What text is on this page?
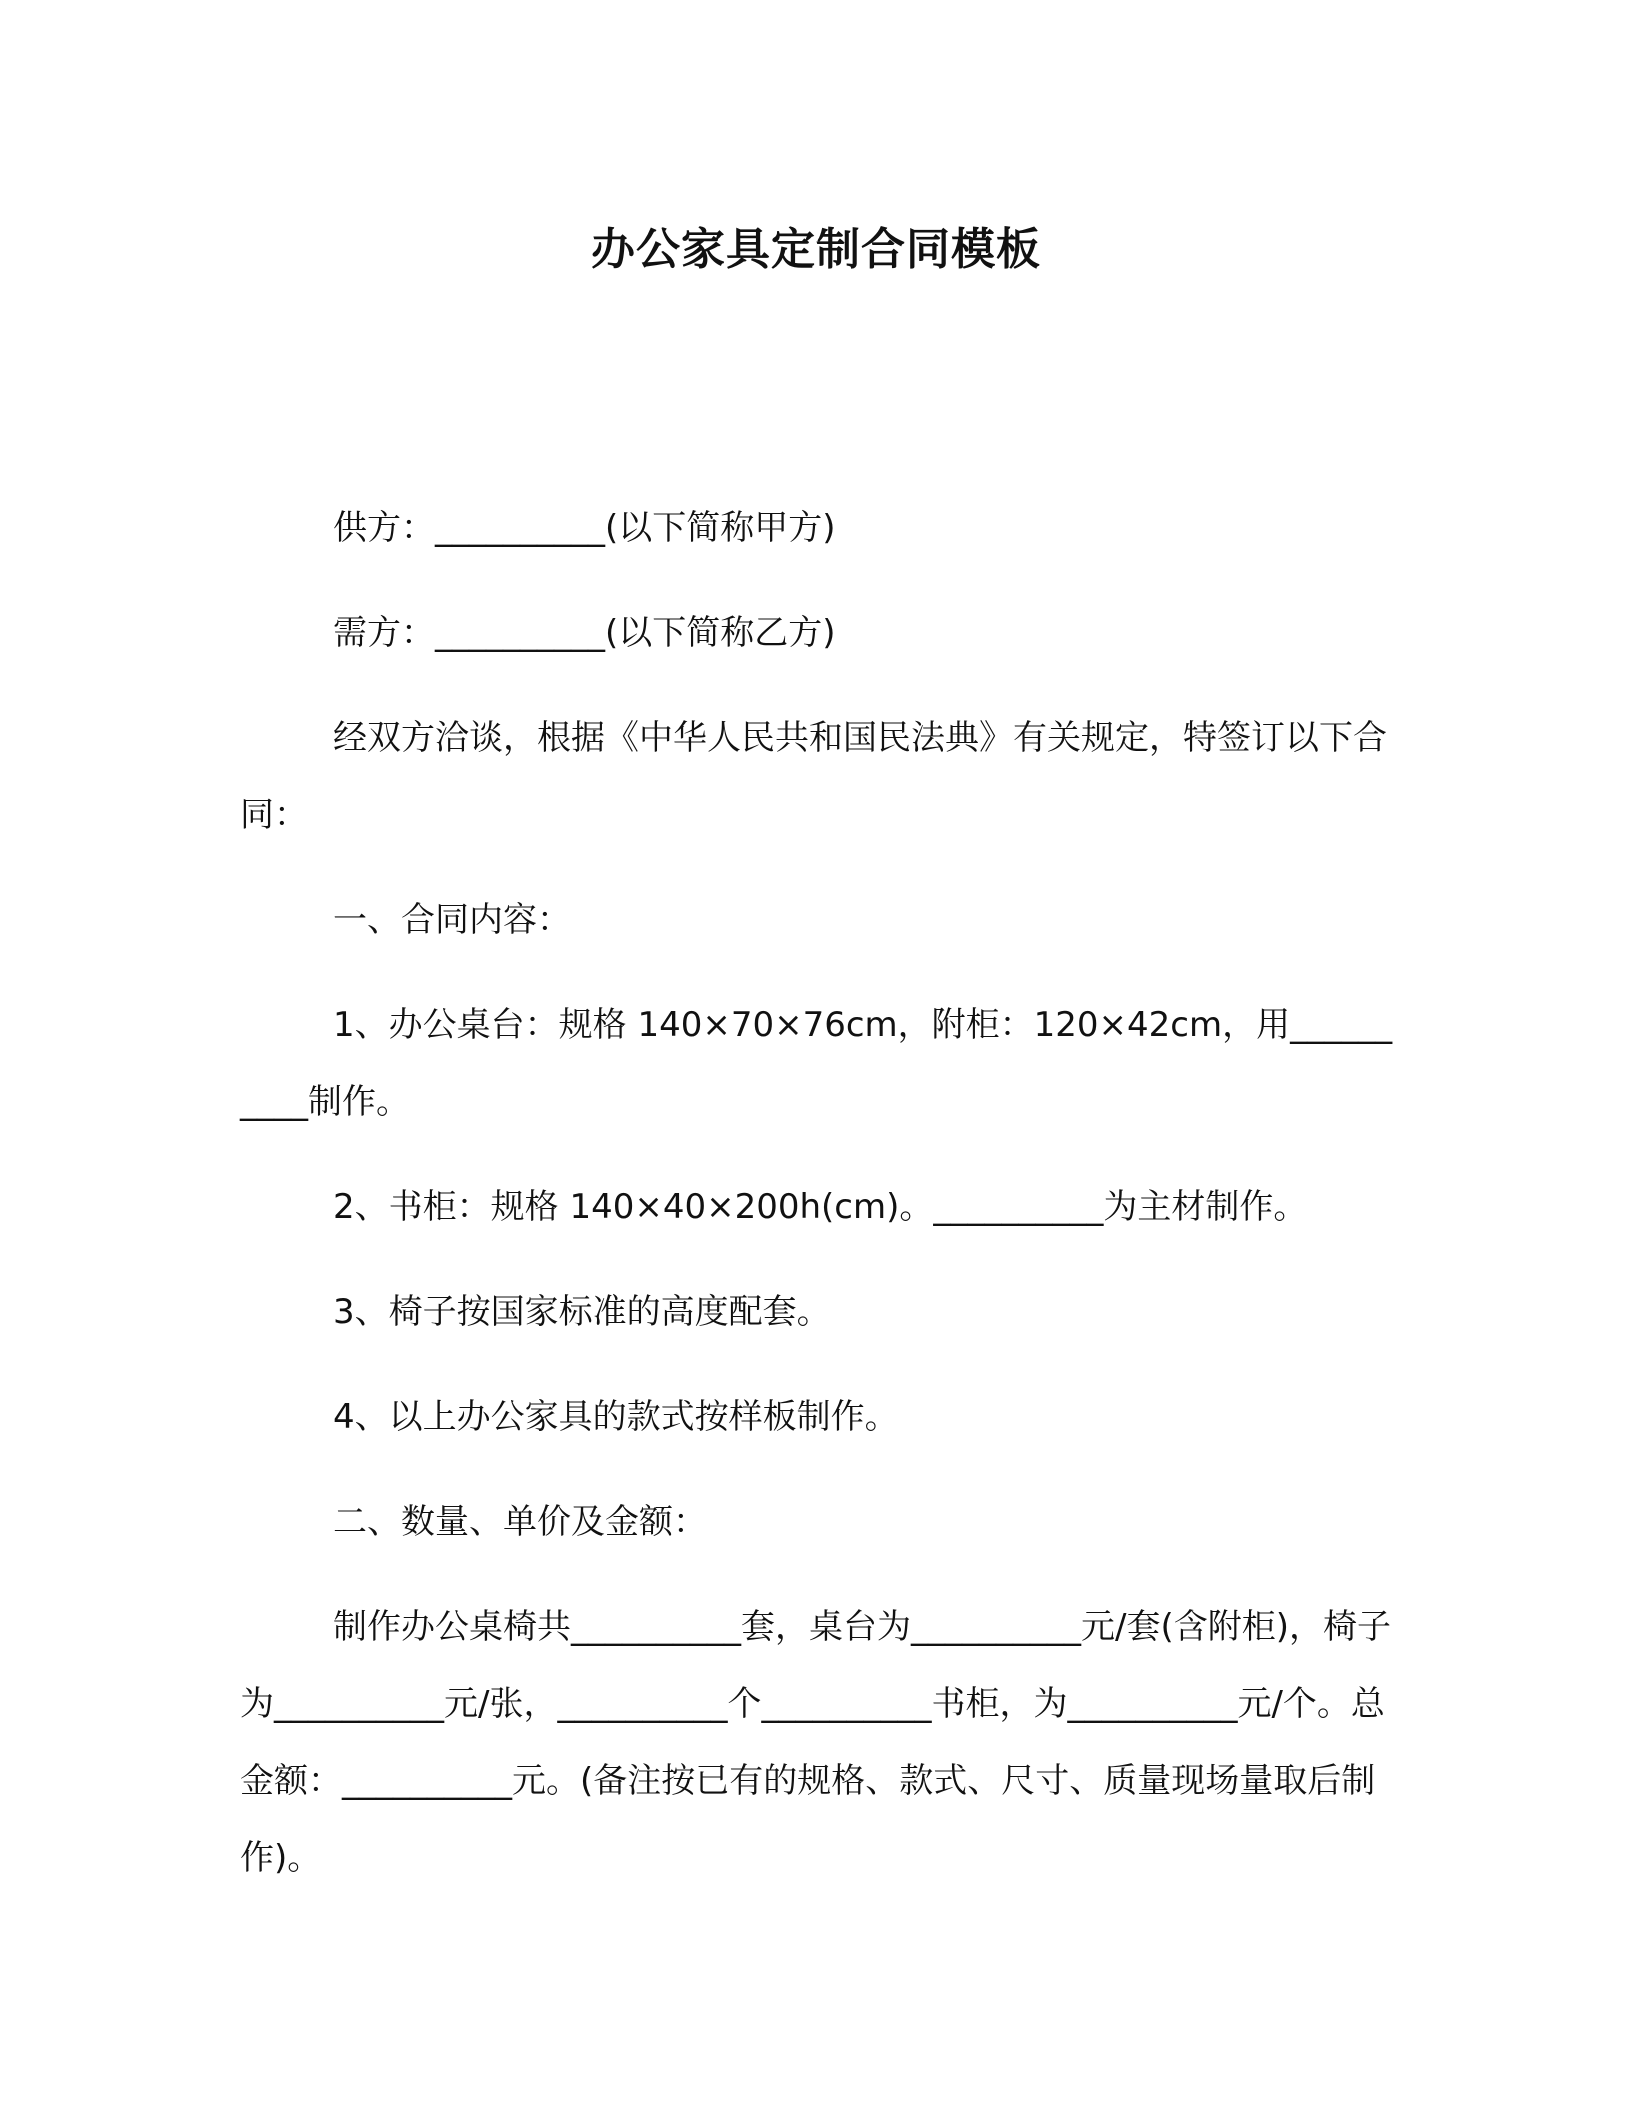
办公家具定制合同模板

供方：__________(以下简称甲方)

需方：__________(以下简称乙方)

经双方洽谈，根据《中华人民共和国民法典》有关规定，特签订以下合同：

一、合同内容：

1、办公桌台：规格 140×70×76cm，附柜：120×42cm，用__________制作。

2、书柜：规格 140×40×200h(cm)。__________为主材制作。

3、椅子按国家标准的高度配套。

4、以上办公家具的款式按样板制作。

二、数量、单价及金额：

制作办公桌椅共__________套，桌台为__________元/套(含附柜)，椅子为__________元/张，__________个__________书柜，为__________元/个。总金额：__________元。(备注按已有的规格、款式、尺寸、质量现场量取后制作)。
